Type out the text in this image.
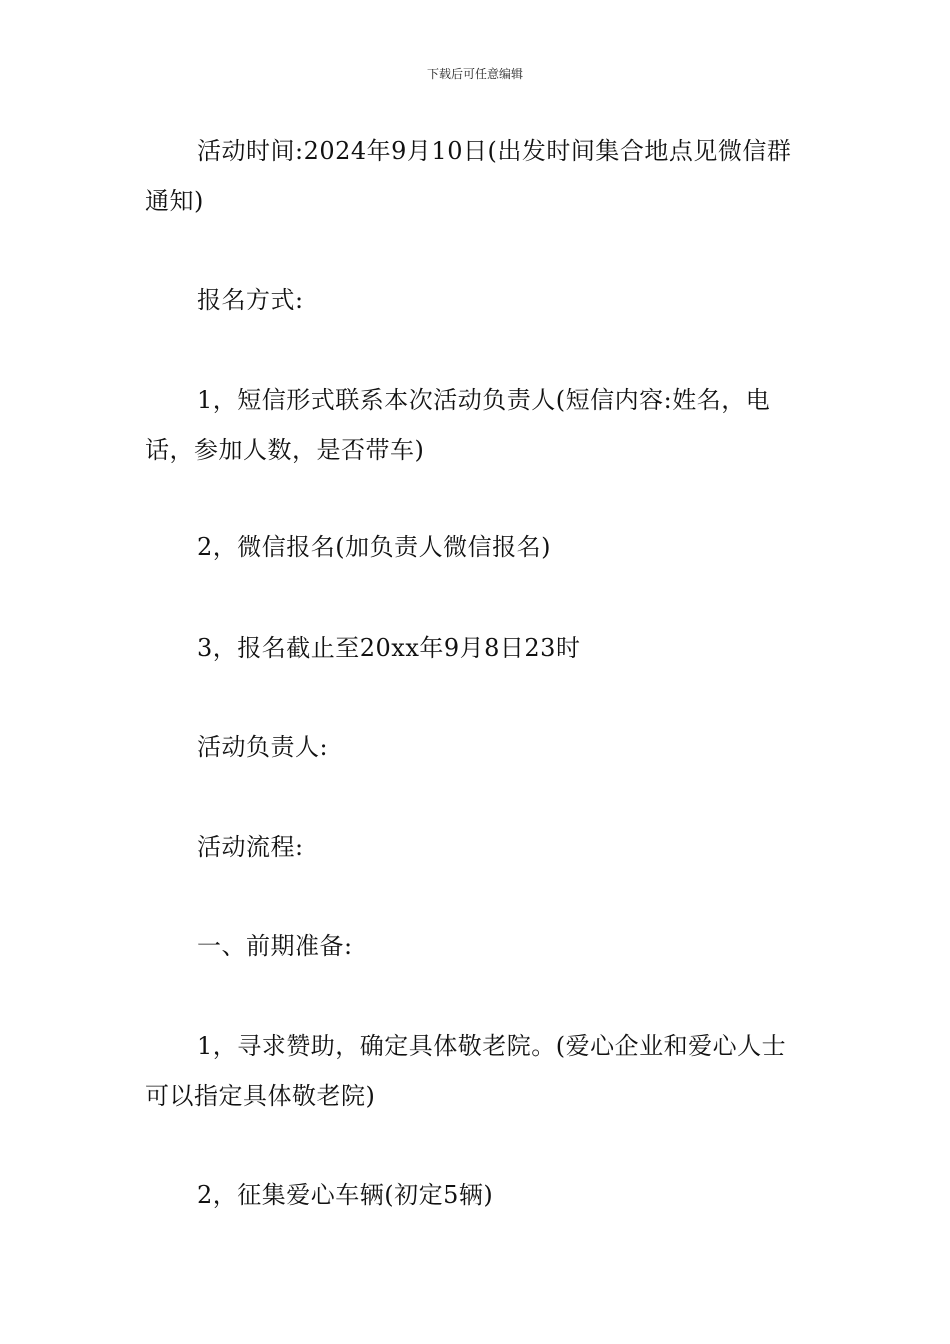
下载后可任意编辑

活动时间:2024年9月10日(出发时间集合地点见微信群通知)

报名方式:

1，短信形式联系本次活动负责人(短信内容:姓名，电话，参加人数，是否带车)

2，微信报名(加负责人微信报名)

3，报名截止至20xx年9月8日23时

活动负责人:

活动流程:

一、前期准备:

1，寻求赞助，确定具体敬老院。(爱心企业和爱心人士可以指定具体敬老院)

2，征集爱心车辆(初定5辆)
